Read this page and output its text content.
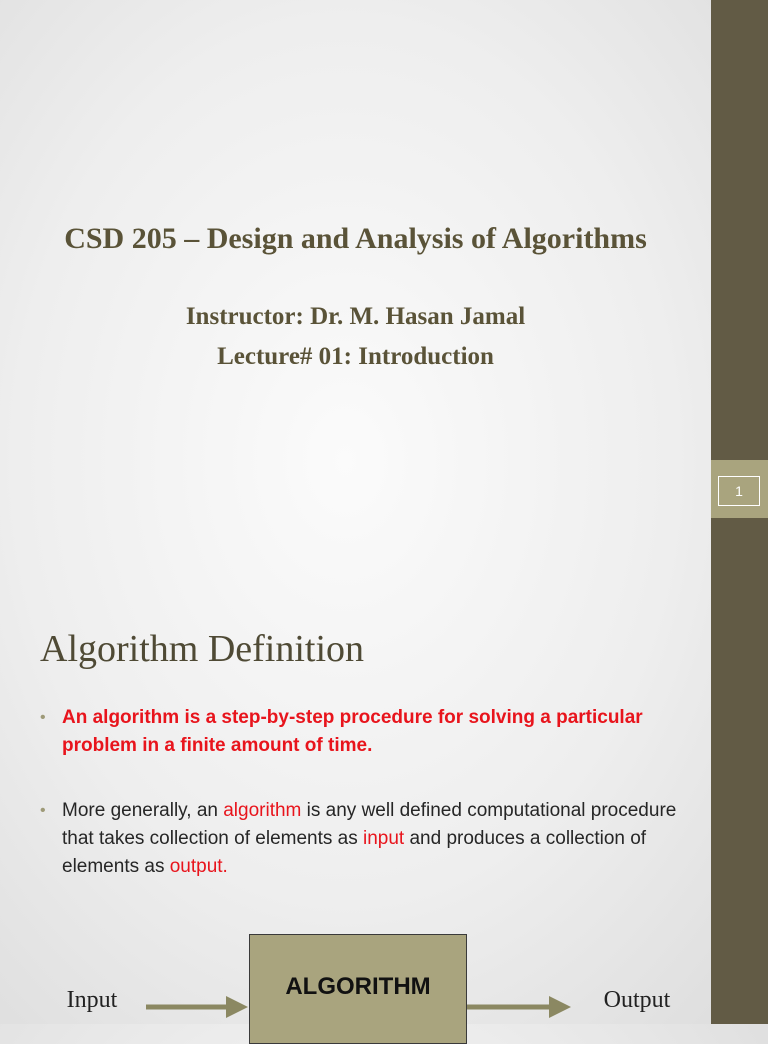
1
CSD 205 – Design and Analysis of Algorithms
Instructor: Dr. M. Hasan Jamal
Lecture# 01: Introduction
Algorithm Definition
• An algorithm is a step-by-step procedure for solving a particular problem in a finite amount of time.
• More generally, an algorithm is any well defined computational procedure that takes collection of elements as input and produces a collection of elements as output.
Input	ALGORITHM	Output
